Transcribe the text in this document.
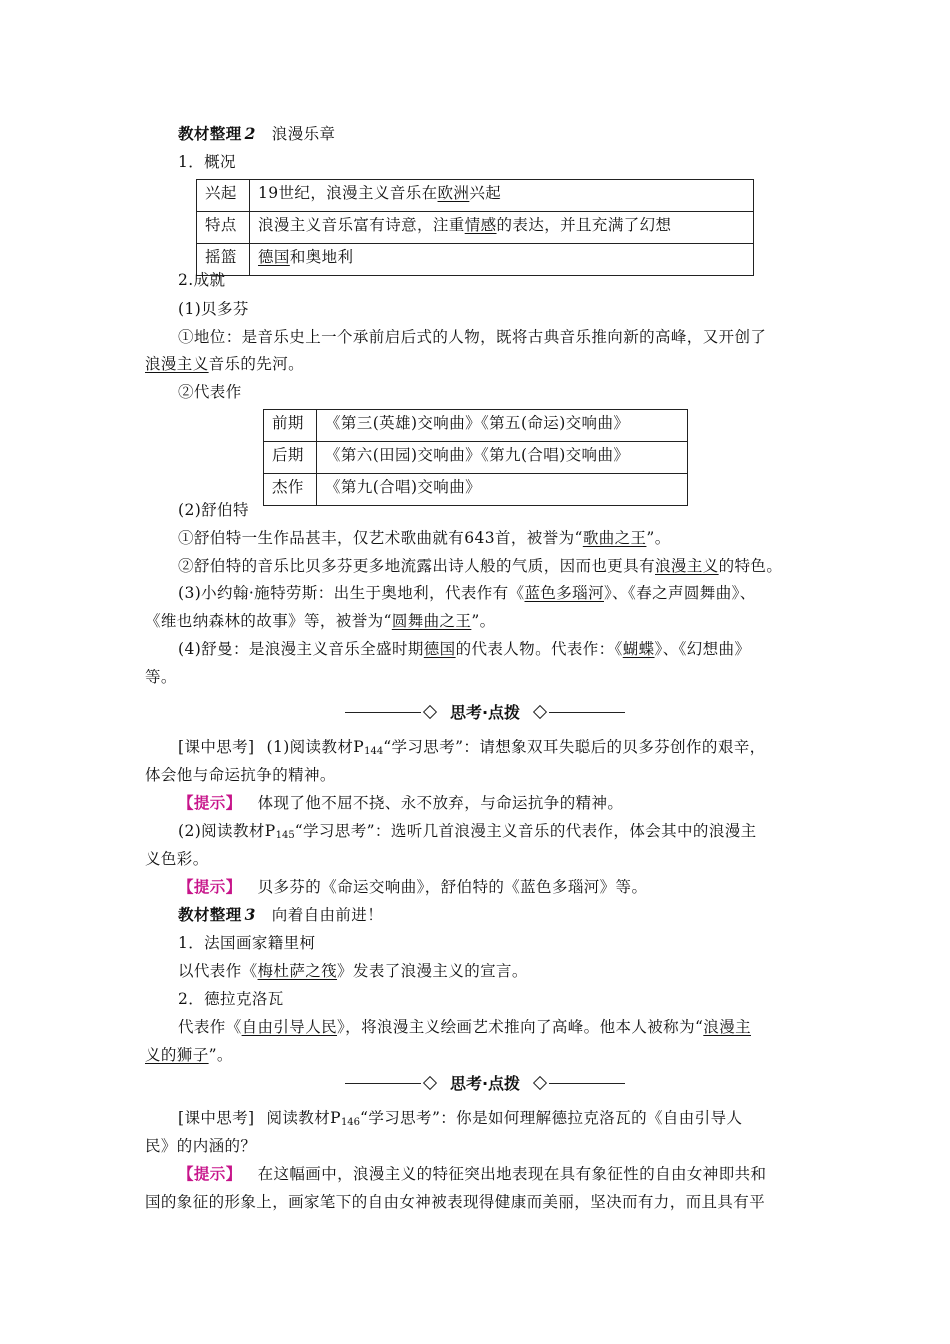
教材整理 2 浪漫乐章
1．概况
兴起	19世纪，浪漫主义音乐在欧洲兴起
特点	浪漫主义音乐富有诗意，注重情感的表达，并且充满了幻想
摇篮	德国和奥地利
2.成就
(1)贝多芬
①地位：是音乐史上一个承前启后式的人物，既将古典音乐推向新的高峰，又开创了
浪漫主义音乐的先河。
②代表作
前期	《第三(英雄)交响曲》《第五(命运)交响曲》
后期	《第六(田园)交响曲》《第九(合唱)交响曲》
杰作	《第九(合唱)交响曲》
(2)舒伯特
①舒伯特一生作品甚丰，仅艺术歌曲就有643首，被誉为“歌曲之王”。
②舒伯特的音乐比贝多芬更多地流露出诗人般的气质，因而也更具有浪漫主义的特色。
(3)小约翰·施特劳斯：出生于奥地利，代表作有《蓝色多瑙河》、《春之声圆舞曲》、
《维也纳森林的故事》等，被誉为“圆舞曲之王”。
(4)舒曼：是浪漫主义音乐全盛时期德国的代表人物。代表作：《蝴蝶》、《幻想曲》
等。
思考·点拨
[课中思考] (1)阅读教材$P_{144}“$学习思考”：请想象双耳失聪后的贝多芬创作的艰辛，
体会他与命运抗争的精神。
【提示】 体现了他不屈不挠、永不放弃，与命运抗争的精神。
(2)阅读教材$P_{145}“$学习思考”：选听几首浪漫主义音乐的代表作，体会其中的浪漫主
义色彩。
【提示】 贝多芬的《命运交响曲》，舒伯特的《蓝色多瑙河》等。
教材整理 3 向着自由前进！
1．法国画家籍里柯
以代表作《梅杜萨之筏》发表了浪漫主义的宣言。
2．德拉克洛瓦
代表作《自由引导人民》，将浪漫主义绘画艺术推向了高峰。他本人被称为“浪漫主
义的狮子”。
思考·点拨
[课中思考] 阅读教材$P_{146}“$学习思考”：你是如何理解德拉克洛瓦的《自由引导人
民》的内涵的？
【提示】 在这幅画中，浪漫主义的特征突出地表现在具有象征性的自由女神即共和
国的象征的形象上，画家笔下的自由女神被表现得健康而美丽，坚决而有力，而且具有平
